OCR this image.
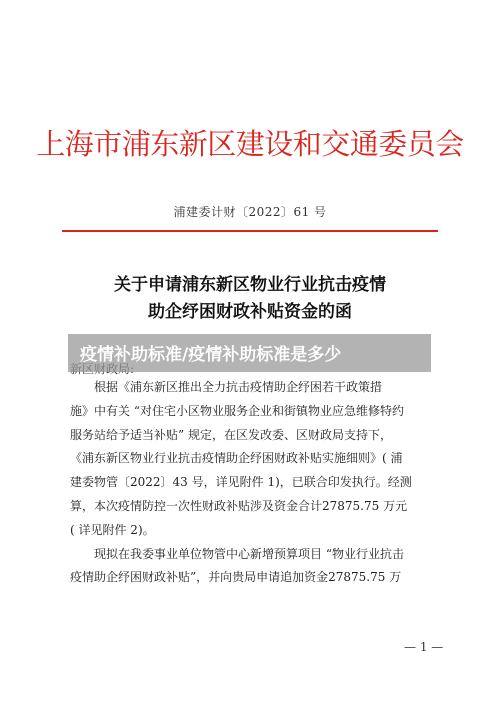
上海市浦东新区建设和交通委员会
浦建委计财〔2022〕61 号
关于申请浦东新区物业行业抗击疫情
助企纾困财政补贴资金的函
根据《浦东新区推出全力抗击疫情助企纾困若干政策措
施》中有关 “对住宅小区物业服务企业和街镇物业应急维修特约
服务站给予适当补贴” 规定，在区发改委、区财政局支持下，
《浦东新区物业行业抗击疫情助企纾困财政补贴实施细则》( 浦
建委物管〔2022〕43 号，详见附件 1)，已联合印发执行。经测
算，本次疫情防控一次性财政补贴涉及资金合计27875.75 万元
( 详见附件 2)。
现拟在我委事业单位物管中心新增预算项目 “物业行业抗击
疫情助企纾困财政补贴”，并向贵局申请追加资金27875.75 万
— 1 —
疫情补助标准/疫情补助标准是多少
